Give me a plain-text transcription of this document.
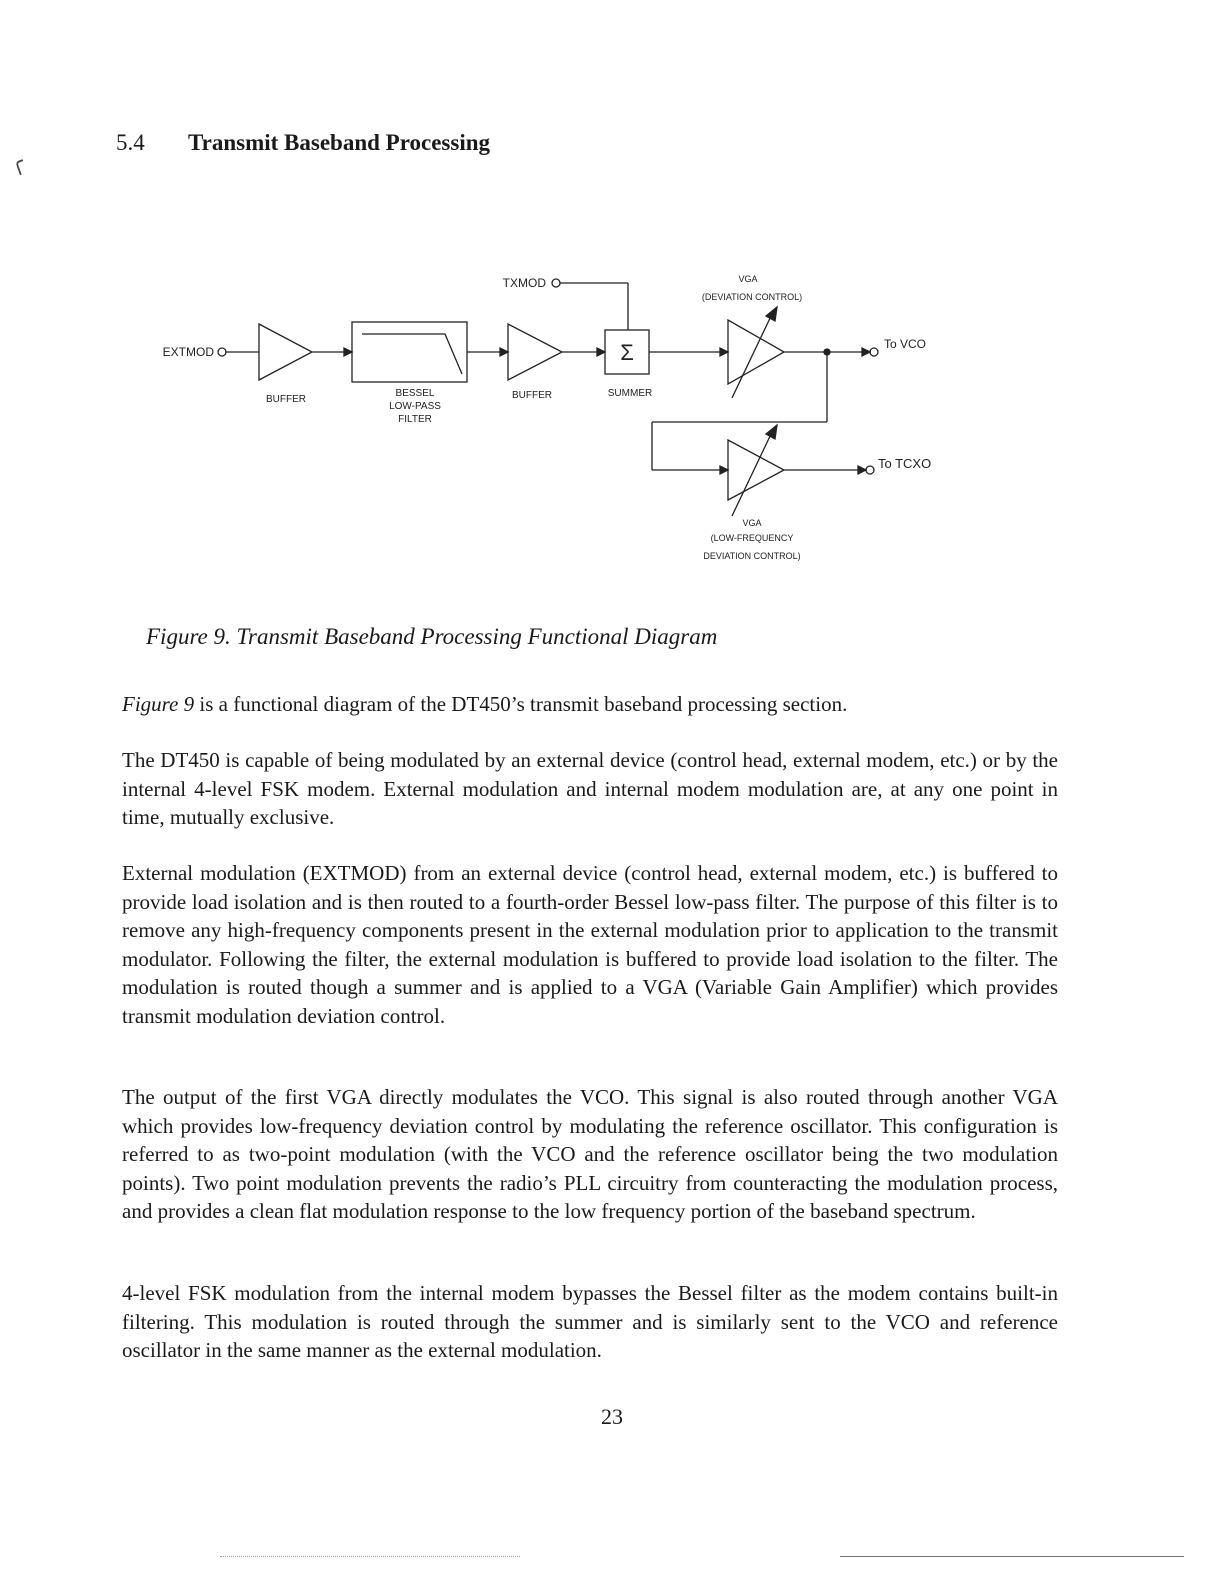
╭
5.4 Transmit Baseband Processing
Σ
TXMOD
EXTMOD
BUFFER
BESSEL
LOW-PASS
FILTER
BUFFER	SUMMER
VGA
(DEVIATION CONTROL)
To VCO
To TCXO
VGA
(LOW-FREQUENCY
DEVIATION CONTROL)
Figure 9. Transmit Baseband Processing Functional Diagram

Figure 9 is a functional diagram of the DT450’s transmit baseband processing section.

The DT450 is capable of being modulated by an external device (control head, external modem, etc.) or by the internal 4-level FSK modem. External modulation and internal modem modulation are, at any one point in time, mutually exclusive.

External modulation (EXTMOD) from an external device (control head, external modem, etc.) is buffered to provide load isolation and is then routed to a fourth-order Bessel low-pass filter. The purpose of this filter is to remove any high-frequency components present in the external modulation prior to application to the transmit modulator. Following the filter, the external modulation is buffered to provide load isolation to the filter. The modulation is routed though a summer and is applied to a VGA (Variable Gain Amplifier) which provides transmit modulation deviation control.

The output of the first VGA directly modulates the VCO. This signal is also routed through another VGA which provides low-frequency deviation control by modulating the reference oscillator. This configuration is referred to as two-point modulation (with the VCO and the reference oscillator being the two modulation points). Two point modulation prevents the radio’s PLL circuitry from counteracting the modulation process, and provides a clean flat modulation response to the low frequency portion of the baseband spectrum.

4-level FSK modulation from the internal modem bypasses the Bessel filter as the modem contains built-in filtering. This modulation is routed through the summer and is similarly sent to the VCO and reference oscillator in the same manner as the external modulation.

23
